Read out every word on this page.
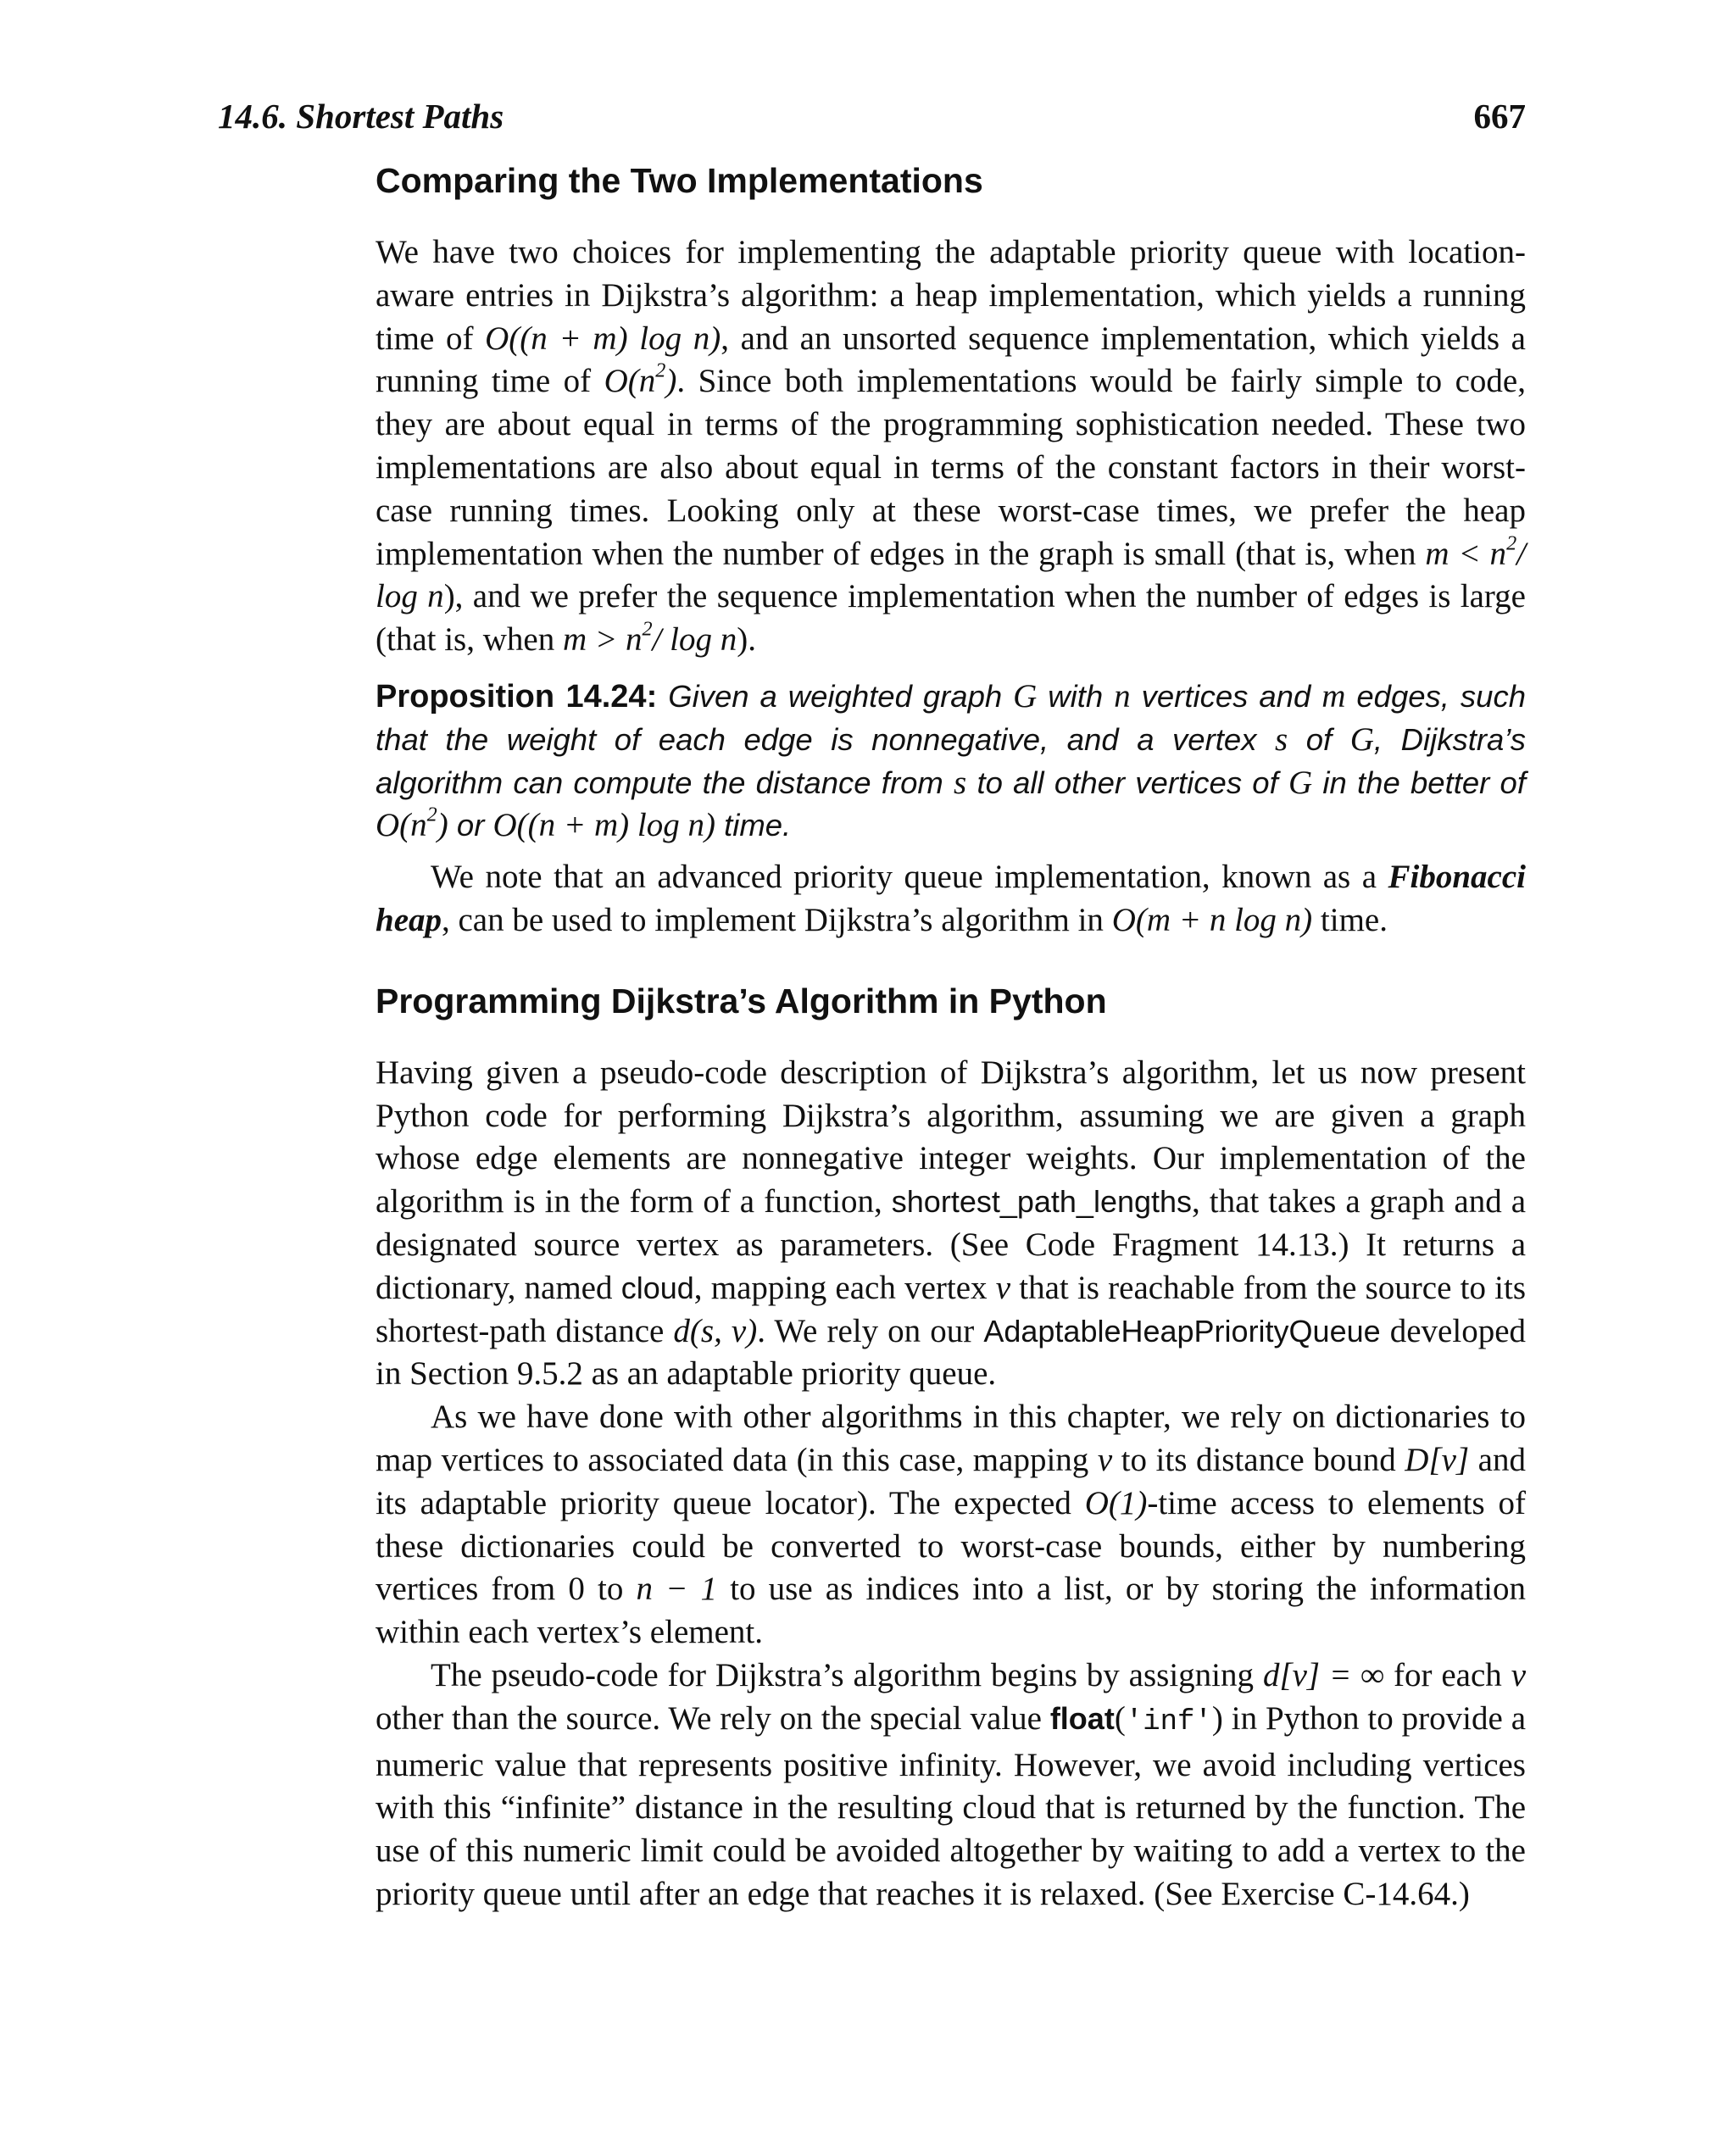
14.6. Shortest Paths	667
Comparing the Two Implementations

We have two choices for implementing the adaptable priority queue with location-aware entries in Dijkstra’s algorithm: a heap implementation, which yields a running time of O((n + m) log n), and an unsorted sequence implementation, which yields a running time of $O(n^2)$. Since both implementations would be fairly simple to code, they are about equal in terms of the programming sophistication needed. These two implementations are also about equal in terms of the constant factors in their worst-case running times. Looking only at these worst-case times, we prefer the heap implementation when the number of edges in the graph is small (that is, when $m < n^2/$ log n), and we prefer the sequence implementation when the number of edges is large (that is, when $m > n^2/$ log n).

Proposition 14.24: Given a weighted graph G with n vertices and m edges, such that the weight of each edge is nonnegative, and a vertex s of G, Dijkstra’s algorithm can compute the distance from s to all other vertices of G in the better of $O(n^2)$ or O((n + m) log n) time.

We note that an advanced priority queue implementation, known as a Fibonacci heap, can be used to implement Dijkstra’s algorithm in O(m + n log n) time.

Programming Dijkstra’s Algorithm in Python

Having given a pseudo-code description of Dijkstra’s algorithm, let us now present Python code for performing Dijkstra’s algorithm, assuming we are given a graph whose edge elements are nonnegative integer weights. Our implementation of the algorithm is in the form of a function, shortest_path_lengths, that takes a graph and a designated source vertex as parameters. (See Code Fragment 14.13.) It returns a dictionary, named cloud, mapping each vertex v that is reachable from the source to its shortest-path distance d(s, v). We rely on our AdaptableHeapPriorityQueue developed in Section 9.5.2 as an adaptable priority queue.

As we have done with other algorithms in this chapter, we rely on dictionaries to map vertices to associated data (in this case, mapping v to its distance bound D[v] and its adaptable priority queue locator). The expected O(1)-time access to elements of these dictionaries could be converted to worst-case bounds, either by numbering vertices from 0 to n − 1 to use as indices into a list, or by storing the information within each vertex’s element.

The pseudo-code for Dijkstra’s algorithm begins by assigning d[v] = ∞ for each v other than the source. We rely on the special value float('inf') in Python to provide a numeric value that represents positive infinity. However, we avoid including vertices with this “infinite” distance in the resulting cloud that is returned by the function. The use of this numeric limit could be avoided altogether by waiting to add a vertex to the priority queue until after an edge that reaches it is relaxed. (See Exercise C-14.64.)
